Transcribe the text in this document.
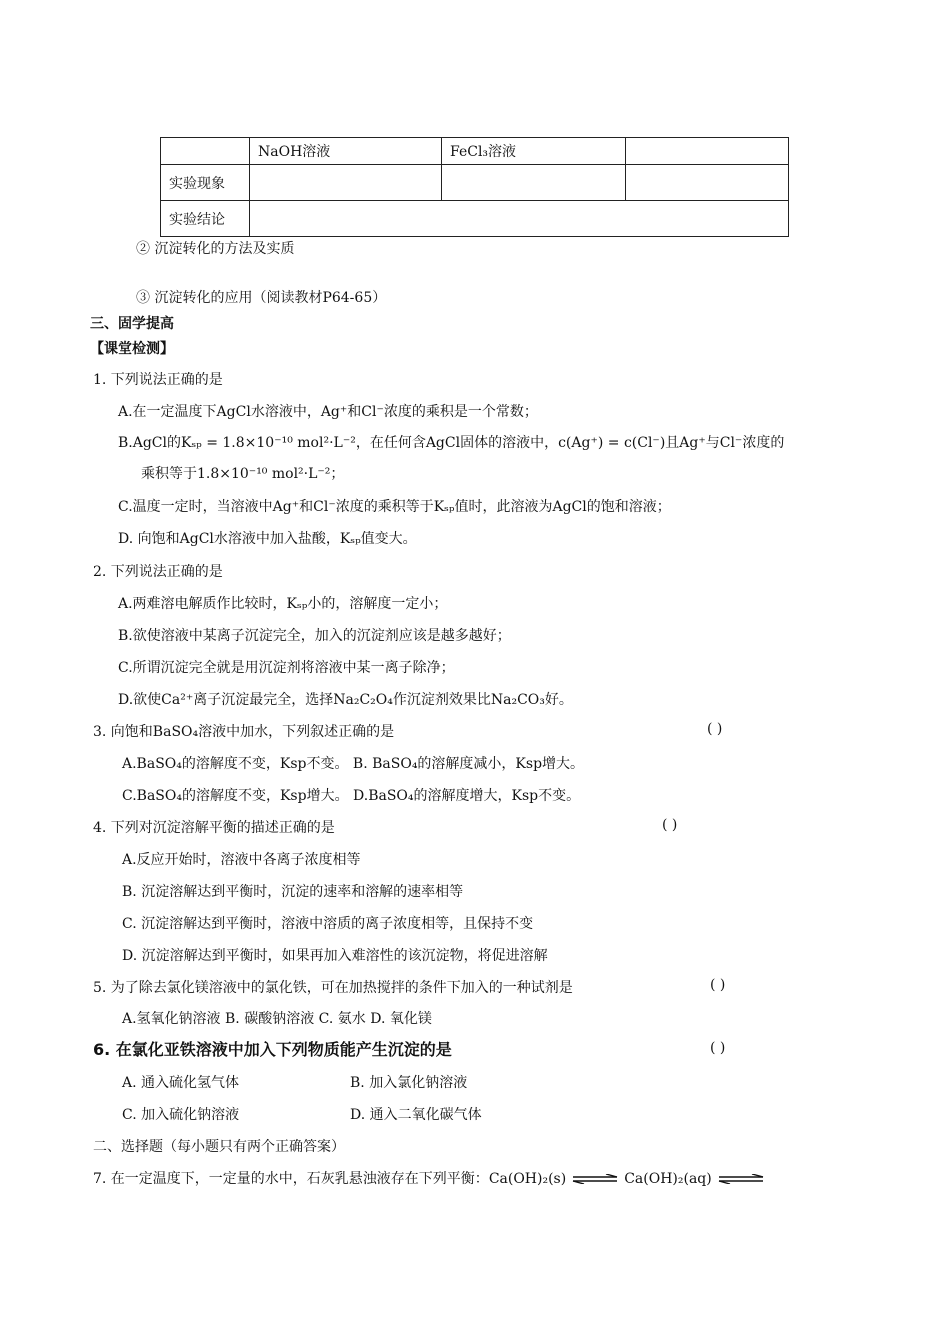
	NaOH溶液	FeCl₃溶液	
实验现象			
实验结论			
② 沉淀转化的方法及实质
③ 沉淀转化的应用（阅读教材P64-65）
三、固学提高
【课堂检测】
1. 下列说法正确的是
A.在一定温度下AgCl水溶液中，Ag⁺和Cl⁻浓度的乘积是一个常数；
B.AgCl的Kₛₚ = 1.8×10⁻¹⁰ mol²·L⁻²，在任何含AgCl固体的溶液中，c(Ag⁺) = c(Cl⁻)且Ag⁺与Cl⁻浓度的
乘积等于1.8×10⁻¹⁰ mol²·L⁻²；
C.温度一定时，当溶液中Ag⁺和Cl⁻浓度的乘积等于Kₛₚ值时，此溶液为AgCl的饱和溶液；
D. 向饱和AgCl水溶液中加入盐酸，Kₛₚ值变大。
2. 下列说法正确的是
A.两难溶电解质作比较时，Kₛₚ小的，溶解度一定小；
B.欲使溶液中某离子沉淀完全，加入的沉淀剂应该是越多越好；
C.所谓沉淀完全就是用沉淀剂将溶液中某一离子除净；
D.欲使Ca²⁺离子沉淀最完全，选择Na₂C₂O₄作沉淀剂效果比Na₂CO₃好。
3. 向饱和BaSO₄溶液中加水，下列叙述正确的是	( )
A.BaSO₄的溶解度不变，Ksp不变。 B. BaSO₄的溶解度减小，Ksp增大。
C.BaSO₄的溶解度不变，Ksp增大。 D.BaSO₄的溶解度增大，Ksp不变。
4. 下列对沉淀溶解平衡的描述正确的是	( )
A.反应开始时，溶液中各离子浓度相等
B. 沉淀溶解达到平衡时，沉淀的速率和溶解的速率相等
C. 沉淀溶解达到平衡时，溶液中溶质的离子浓度相等，且保持不变
D. 沉淀溶解达到平衡时，如果再加入难溶性的该沉淀物，将促进溶解
5. 为了除去氯化镁溶液中的氯化铁，可在加热搅拌的条件下加入的一种试剂是	( )
A.氢氧化钠溶液 B. 碳酸钠溶液 C. 氨水 D. 氧化镁
6. 在氯化亚铁溶液中加入下列物质能产生沉淀的是	( )
A. 通入硫化氢气体	B. 加入氯化钠溶液
C. 加入硫化钠溶液	D. 通入二氧化碳气体
二、选择题（每小题只有两个正确答案）
7. 在一定温度下，一定量的水中，石灰乳悬浊液存在下列平衡：Ca(OH)₂(s) ⇌ Ca(OH)₂(aq) ⇌
